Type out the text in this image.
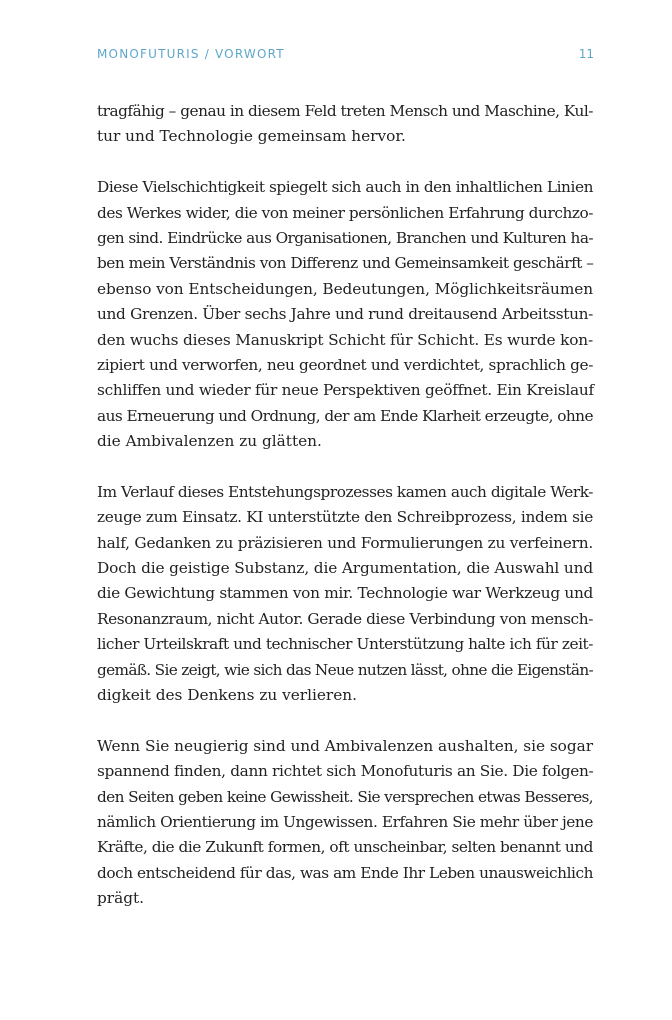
MONOFUTURIS / VORWORT	11
tragfähig – genau in diesem Feld treten Mensch und Maschine, Kul-
tur und Technologie gemeinsam hervor.
Diese Vielschichtigkeit spiegelt sich auch in den inhaltlichen Linien
des Werkes wider, die von meiner persönlichen Erfahrung durchzo-
gen sind. Eindrücke aus Organisationen, Branchen und Kulturen ha-
ben mein Verständnis von Differenz und Gemeinsamkeit geschärft –
ebenso von Entscheidungen, Bedeutungen, Möglichkeitsräumen
und Grenzen. Über sechs Jahre und rund dreitausend Arbeitsstun-
den wuchs dieses Manuskript Schicht für Schicht. Es wurde kon-
zipiert und verworfen, neu geordnet und verdichtet, sprachlich ge-
schliffen und wieder für neue Perspektiven geöffnet. Ein Kreislauf
aus Erneuerung und Ordnung, der am Ende Klarheit erzeugte, ohne
die Ambivalenzen zu glätten.
Im Verlauf dieses Entstehungsprozesses kamen auch digitale Werk-
zeuge zum Einsatz. KI unterstützte den Schreibprozess, indem sie
half, Gedanken zu präzisieren und Formulierungen zu verfeinern.
Doch die geistige Substanz, die Argumentation, die Auswahl und
die Gewichtung stammen von mir. Technologie war Werkzeug und
Resonanzraum, nicht Autor. Gerade diese Verbindung von mensch-
licher Urteilskraft und technischer Unterstützung halte ich für zeit-
gemäß. Sie zeigt, wie sich das Neue nutzen lässt, ohne die Eigenstän-
digkeit des Denkens zu verlieren.
Wenn Sie neugierig sind und Ambivalenzen aushalten, sie sogar
spannend finden, dann richtet sich Monofuturis an Sie. Die folgen-
den Seiten geben keine Gewissheit. Sie versprechen etwas Besseres,
nämlich Orientierung im Ungewissen. Erfahren Sie mehr über jene
Kräfte, die die Zukunft formen, oft unscheinbar, selten benannt und
doch entscheidend für das, was am Ende Ihr Leben unausweichlich
prägt.
